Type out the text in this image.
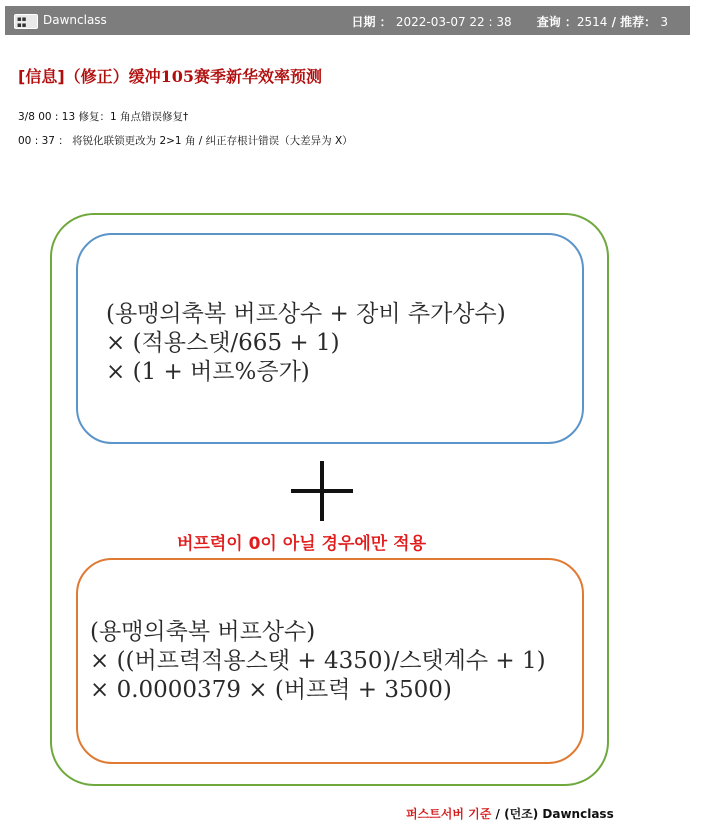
▪▪
▪▪	Dawnclass	日期 ： 2022-03-07 22 : 38 查询 ：2514 / 推荐： 3
[信息]（修正）缓冲105赛季新华效率预测
3/8 00 : 13 修复：1 角点错误修复†
00 : 37 ： 将锐化联锁更改为 2>1 角 / 纠正存根计错误（大差异为 X）
(용맹의축복 버프상수 + 장비 추가상수)
× (적용스탯/665 + 1)
× (1 + 버프%증가)
버프력이 0이 아닐 경우에만 적용
(용맹의축복 버프상수)
× ((버프력적용스탯 + 4350)/스탯계수 + 1)
× 0.0000379 × (버프력 + 3500)
퍼스트서버 기준 / (던조) Dawnclass
